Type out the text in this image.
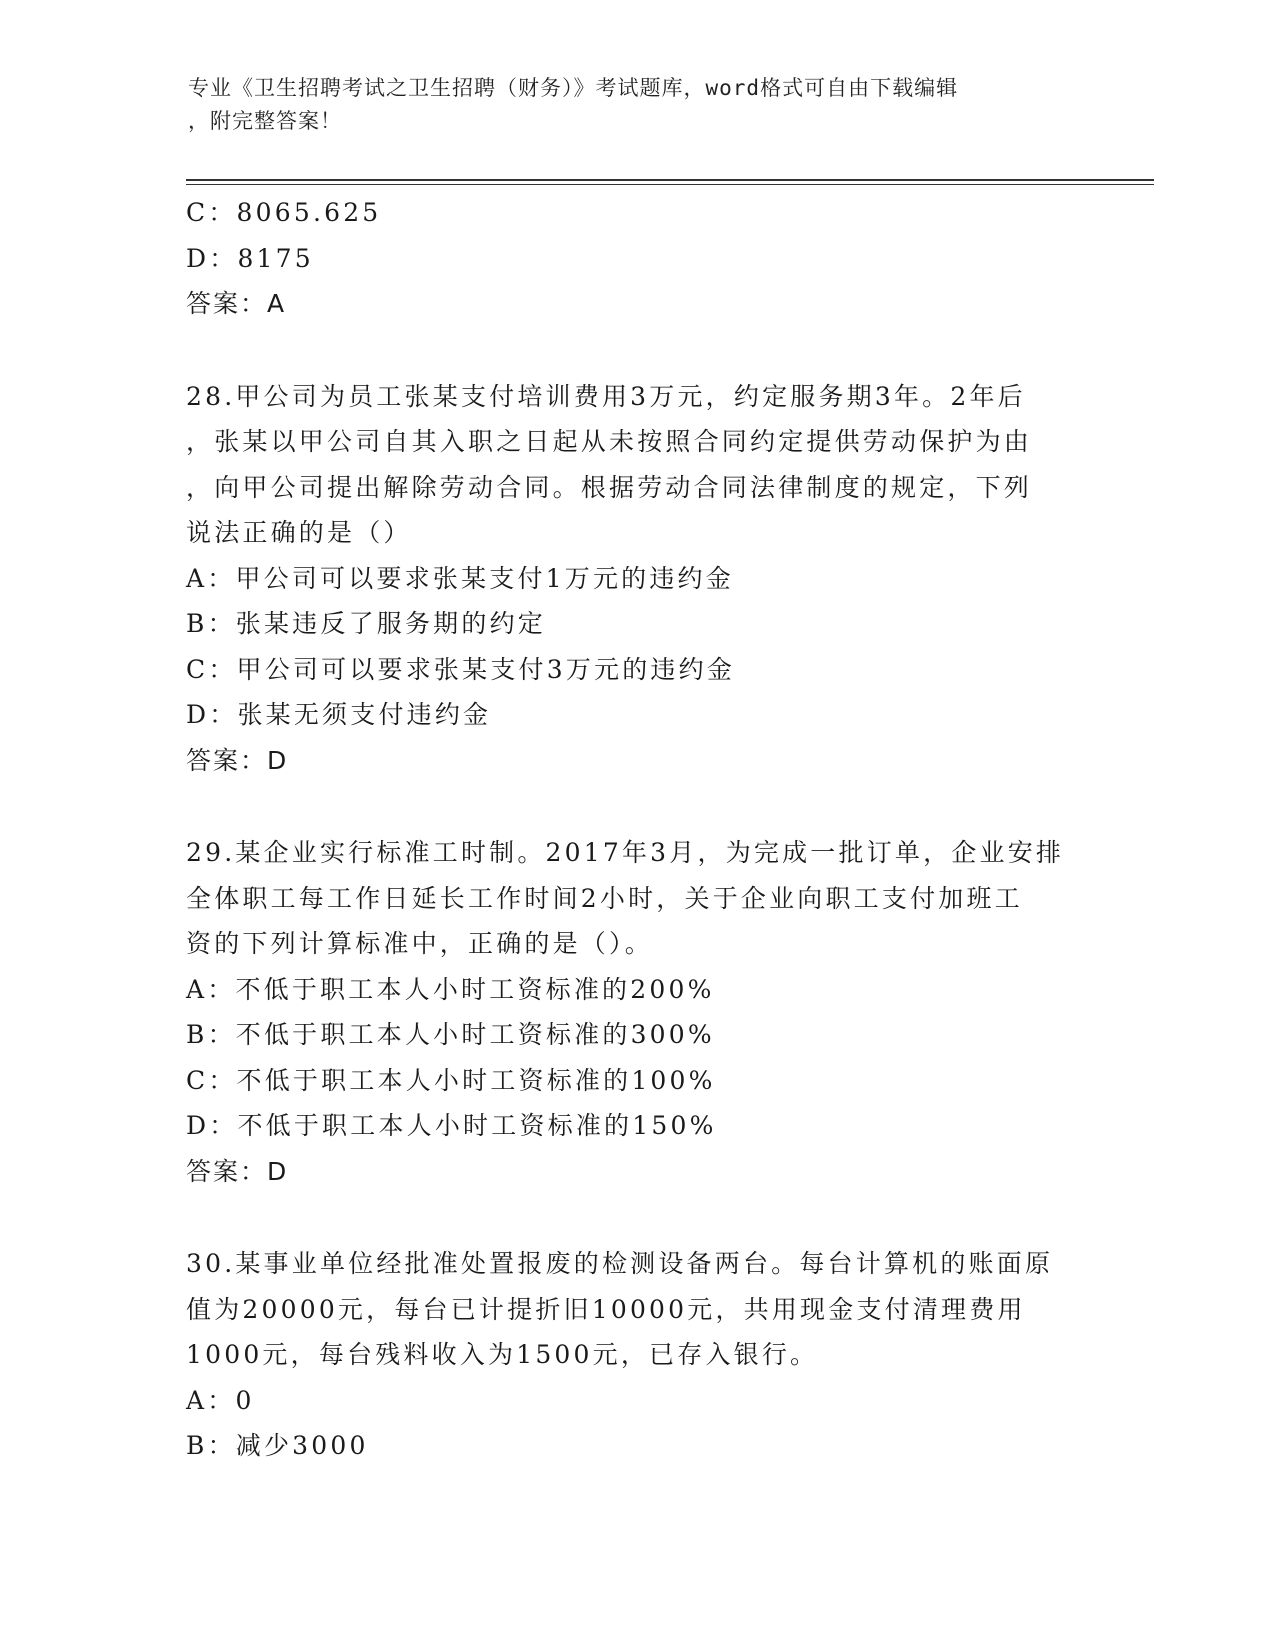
专业《卫生招聘考试之卫生招聘（财务）》考试题库，word格式可自由下载编辑
，附完整答案！
C：8065.625
D：8175
答案：A
28.甲公司为员工张某支付培训费用3万元，约定服务期3年。2年后
，张某以甲公司自其入职之日起从未按照合同约定提供劳动保护为由
，向甲公司提出解除劳动合同。根据劳动合同法律制度的规定，下列
说法正确的是（）
A：甲公司可以要求张某支付1万元的违约金
B：张某违反了服务期的约定
C：甲公司可以要求张某支付3万元的违约金
D：张某无须支付违约金
答案：D
29.某企业实行标准工时制。2017年3月，为完成一批订单，企业安排
全体职工每工作日延长工作时间2小时，关于企业向职工支付加班工
资的下列计算标准中，正确的是（）。
A：不低于职工本人小时工资标准的200%
B：不低于职工本人小时工资标准的300%
C：不低于职工本人小时工资标准的100%
D：不低于职工本人小时工资标准的150%
答案：D
30.某事业单位经批准处置报废的检测设备两台。每台计算机的账面原
值为20000元，每台已计提折旧10000元，共用现金支付清理费用
1000元，每台残料收入为1500元，已存入银行。
A：0
B：减少3000
